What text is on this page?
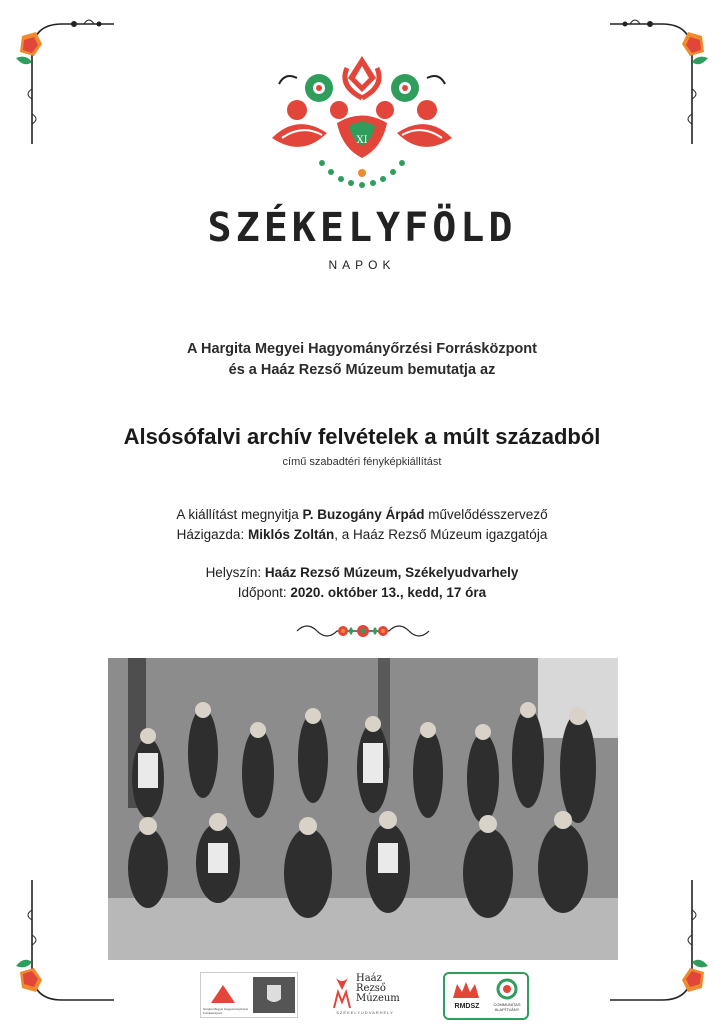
XI
SZÉKELYFÖLD
NAPOK
A Hargita Megyei Hagyományőrzési Forrásközpont
és a Haáz Rezső Múzeum bemutatja az
Alsósófalvi archív felvételek a múlt századból
című szabadtéri fényképkiállítást
A kiállítást megnyitja P. Buzogány Árpád művelődésszervező
Házigazda: Miklós Zoltán, a Haáz Rezső Múzeum igazgatója
Helyszín: Haáz Rezső Múzeum, Székelyudvarhely
Időpont: 2020. október 13., kedd, 17 óra
Hargita Megyei Hagyományőrzési Forrásközpont
Haáz
Rezső
Múzeum
SZÉKELYUDVARHELY
RMDSZ	COMMUNITAS
ALAPÍTVÁNY
